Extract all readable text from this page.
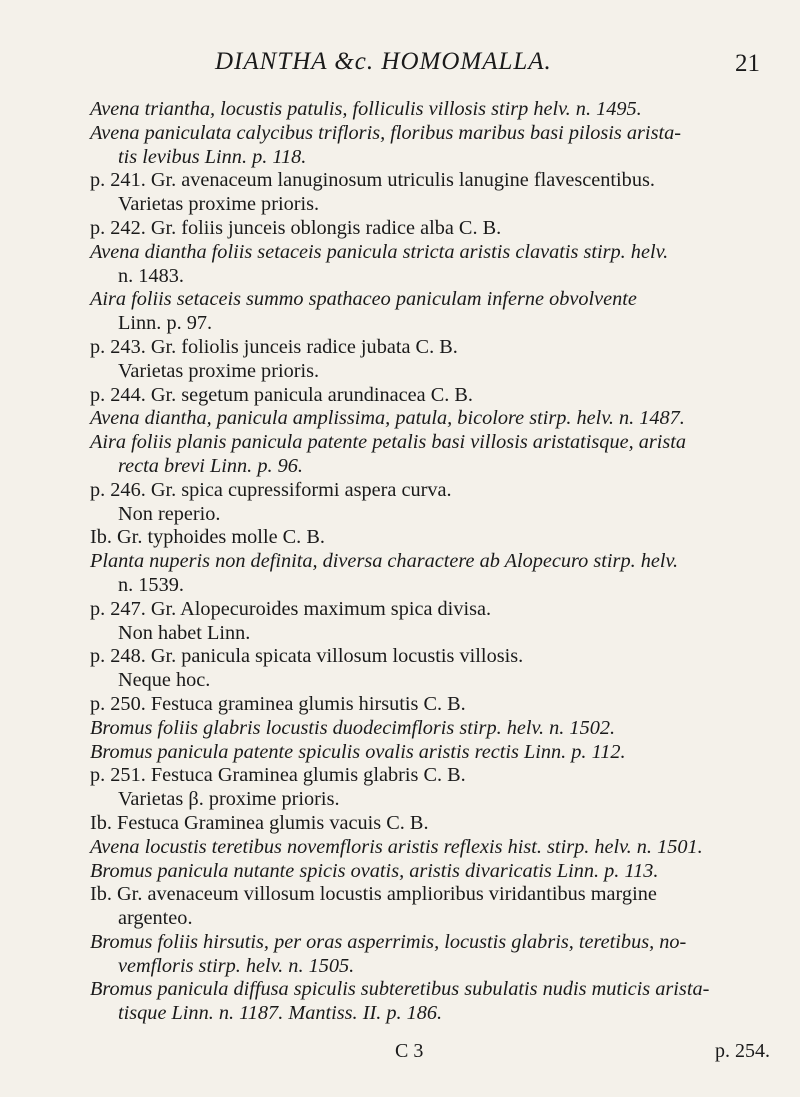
DIANTHA &c. HOMOMALLA.	21
Avena triantha, locustis patulis, folliculis villosis stirp helv. n. 1495.
Avena paniculata calycibus trifloris, floribus maribus basi pilosis arista-
tis levibus Linn. p. 118.
p. 241. Gr. avenaceum lanuginosum utriculis lanugine flavescentibus.
Varietas proxime prioris.
p. 242. Gr. foliis junceis oblongis radice alba C. B.
Avena diantha foliis setaceis panicula stricta aristis clavatis stirp. helv.
n. 1483.
Aira foliis setaceis summo spathaceo paniculam inferne obvolvente
Linn. p. 97.
p. 243. Gr. foliolis junceis radice jubata C. B.
Varietas proxime prioris.
p. 244. Gr. segetum panicula arundinacea C. B.
Avena diantha, panicula amplissima, patula, bicolore stirp. helv. n. 1487.
Aira foliis planis panicula patente petalis basi villosis aristatisque, arista
recta brevi Linn. p. 96.
p. 246. Gr. spica cupressiformi aspera curva.
Non reperio.
Ib. Gr. typhoides molle C. B.
Planta nuperis non definita, diversa charactere ab Alopecuro stirp. helv.
n. 1539.
p. 247. Gr. Alopecuroides maximum spica divisa.
Non habet Linn.
p. 248. Gr. panicula spicata villosum locustis villosis.
Neque hoc.
p. 250. Festuca graminea glumis hirsutis C. B.
Bromus foliis glabris locustis duodecimfloris stirp. helv. n. 1502.
Bromus panicula patente spiculis ovalis aristis rectis Linn. p. 112.
p. 251. Festuca Graminea glumis glabris C. B.
Varietas β. proxime prioris.
Ib. Festuca Graminea glumis vacuis C. B.
Avena locustis teretibus novemfloris aristis reflexis hist. stirp. helv. n. 1501.
Bromus panicula nutante spicis ovatis, aristis divaricatis Linn. p. 113.
Ib. Gr. avenaceum villosum locustis amplioribus viridantibus margine
argenteo.
Bromus foliis hirsutis, per oras asperrimis, locustis glabris, teretibus, no-
vemfloris stirp. helv. n. 1505.
Bromus panicula diffusa spiculis subteretibus subulatis nudis muticis arista-
tisque Linn. n. 1187. Mantiss. II. p. 186.
C 3	p. 254.
